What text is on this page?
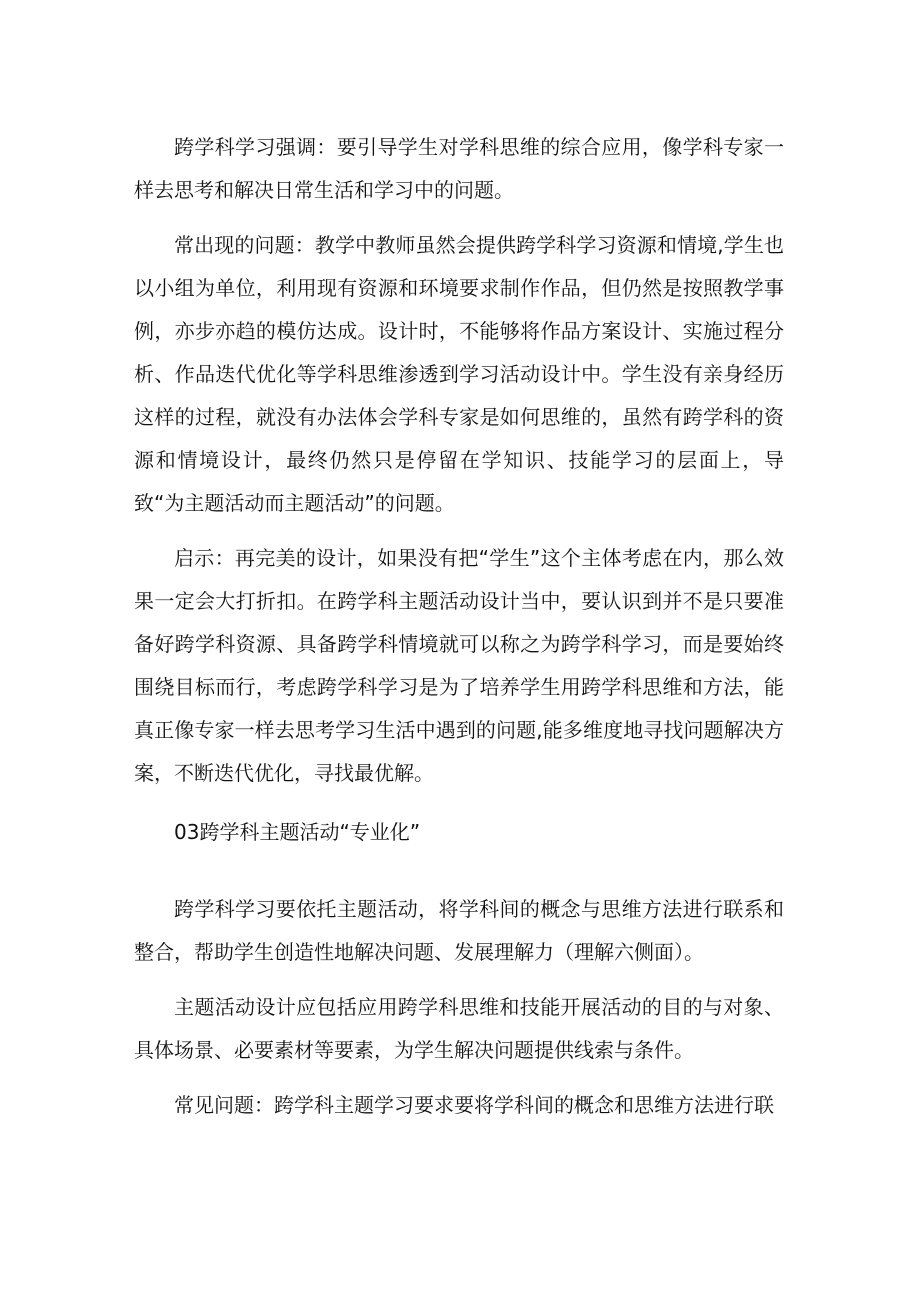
跨学科学习强调：要引导学生对学科思维的综合应用，像学科专家一样去思考和解决日常生活和学习中的问题。

常出现的问题：教学中教师虽然会提供跨学科学习资源和情境,学生也以小组为单位，利用现有资源和环境要求制作作品，但仍然是按照教学事例，亦步亦趋的模仿达成。设计时，不能够将作品方案设计、实施过程分析、作品迭代优化等学科思维渗透到学习活动设计中。学生没有亲身经历这样的过程，就没有办法体会学科专家是如何思维的，虽然有跨学科的资源和情境设计，最终仍然只是停留在学知识、技能学习的层面上，导致“为主题活动而主题活动”的问题。

启示：再完美的设计，如果没有把“学生”这个主体考虑在内，那么效果一定会大打折扣。在跨学科主题活动设计当中，要认识到并不是只要准备好跨学科资源、具备跨学科情境就可以称之为跨学科学习，而是要始终围绕目标而行，考虑跨学科学习是为了培养学生用跨学科思维和方法，能真正像专家一样去思考学习生活中遇到的问题,能多维度地寻找问题解决方案，不断迭代优化，寻找最优解。

03跨学科主题活动“专业化”

跨学科学习要依托主题活动，将学科间的概念与思维方法进行联系和整合，帮助学生创造性地解决问题、发展理解力（理解六侧面）。

主题活动设计应包括应用跨学科思维和技能开展活动的目的与对象、具体场景、必要素材等要素，为学生解决问题提供线索与条件。

常见问题：跨学科主题学习要求要将学科间的概念和思维方法进行联
